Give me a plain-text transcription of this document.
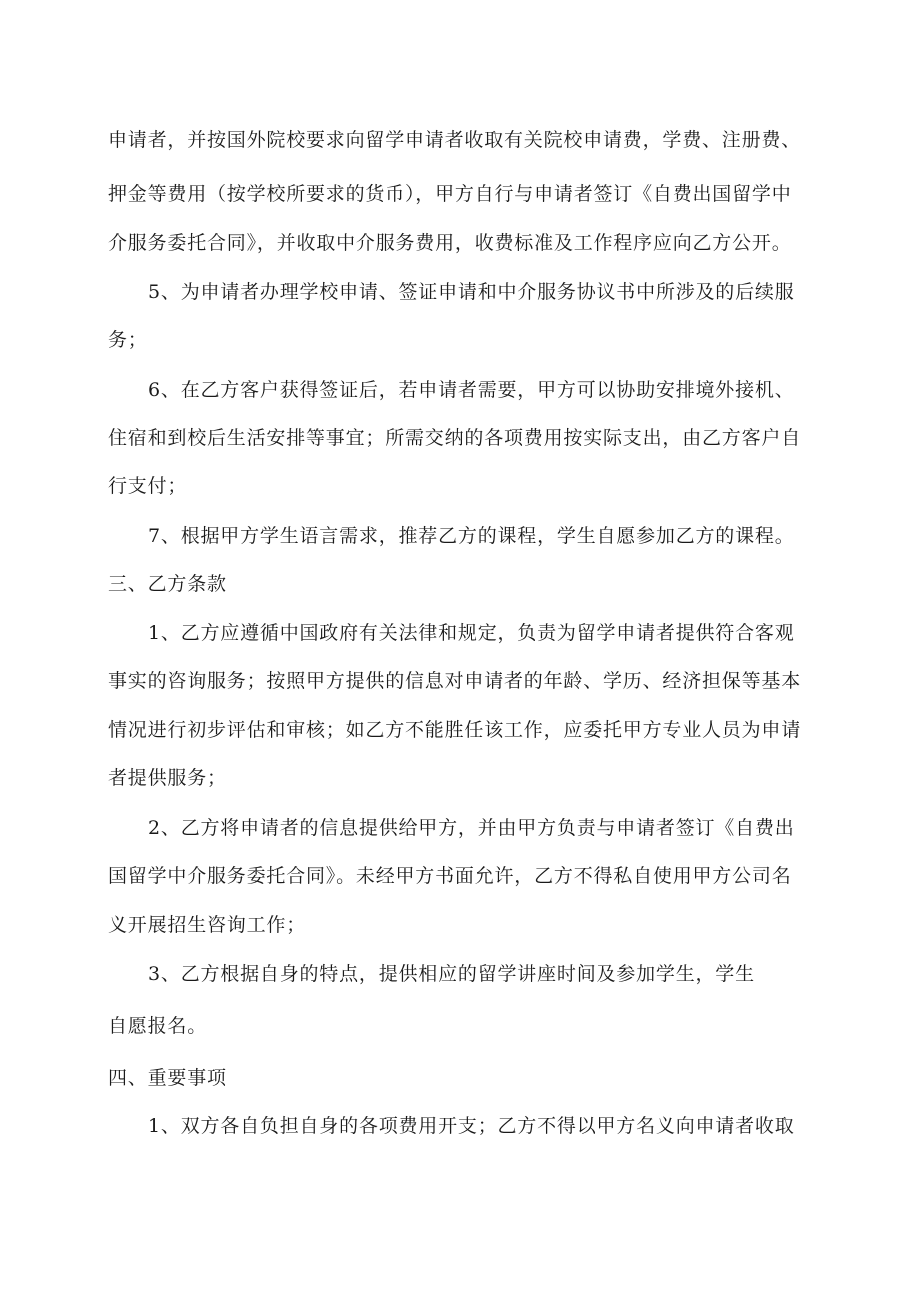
申请者，并按国外院校要求向留学申请者收取有关院校申请费，学费、注册费、
押金等费用（按学校所要求的货币），甲方自行与申请者签订《自费出国留学中
介服务委托合同》，并收取中介服务费用，收费标准及工作程序应向乙方公开。
5、为申请者办理学校申请、签证申请和中介服务协议书中所涉及的后续服
务；
6、在乙方客户获得签证后，若申请者需要，甲方可以协助安排境外接机、
住宿和到校后生活安排等事宜；所需交纳的各项费用按实际支出，由乙方客户自
行支付；
7、根据甲方学生语言需求，推荐乙方的课程，学生自愿参加乙方的课程。
三、乙方条款
1、乙方应遵循中国政府有关法律和规定，负责为留学申请者提供符合客观
事实的咨询服务；按照甲方提供的信息对申请者的年龄、学历、经济担保等基本
情况进行初步评估和审核；如乙方不能胜任该工作，应委托甲方专业人员为申请
者提供服务；
2、乙方将申请者的信息提供给甲方，并由甲方负责与申请者签订《自费出
国留学中介服务委托合同》。未经甲方书面允许，乙方不得私自使用甲方公司名
义开展招生咨询工作；
3、乙方根据自身的特点，提供相应的留学讲座时间及参加学生，学生
自愿报名。
四、重要事项
1、双方各自负担自身的各项费用开支；乙方不得以甲方名义向申请者收取
